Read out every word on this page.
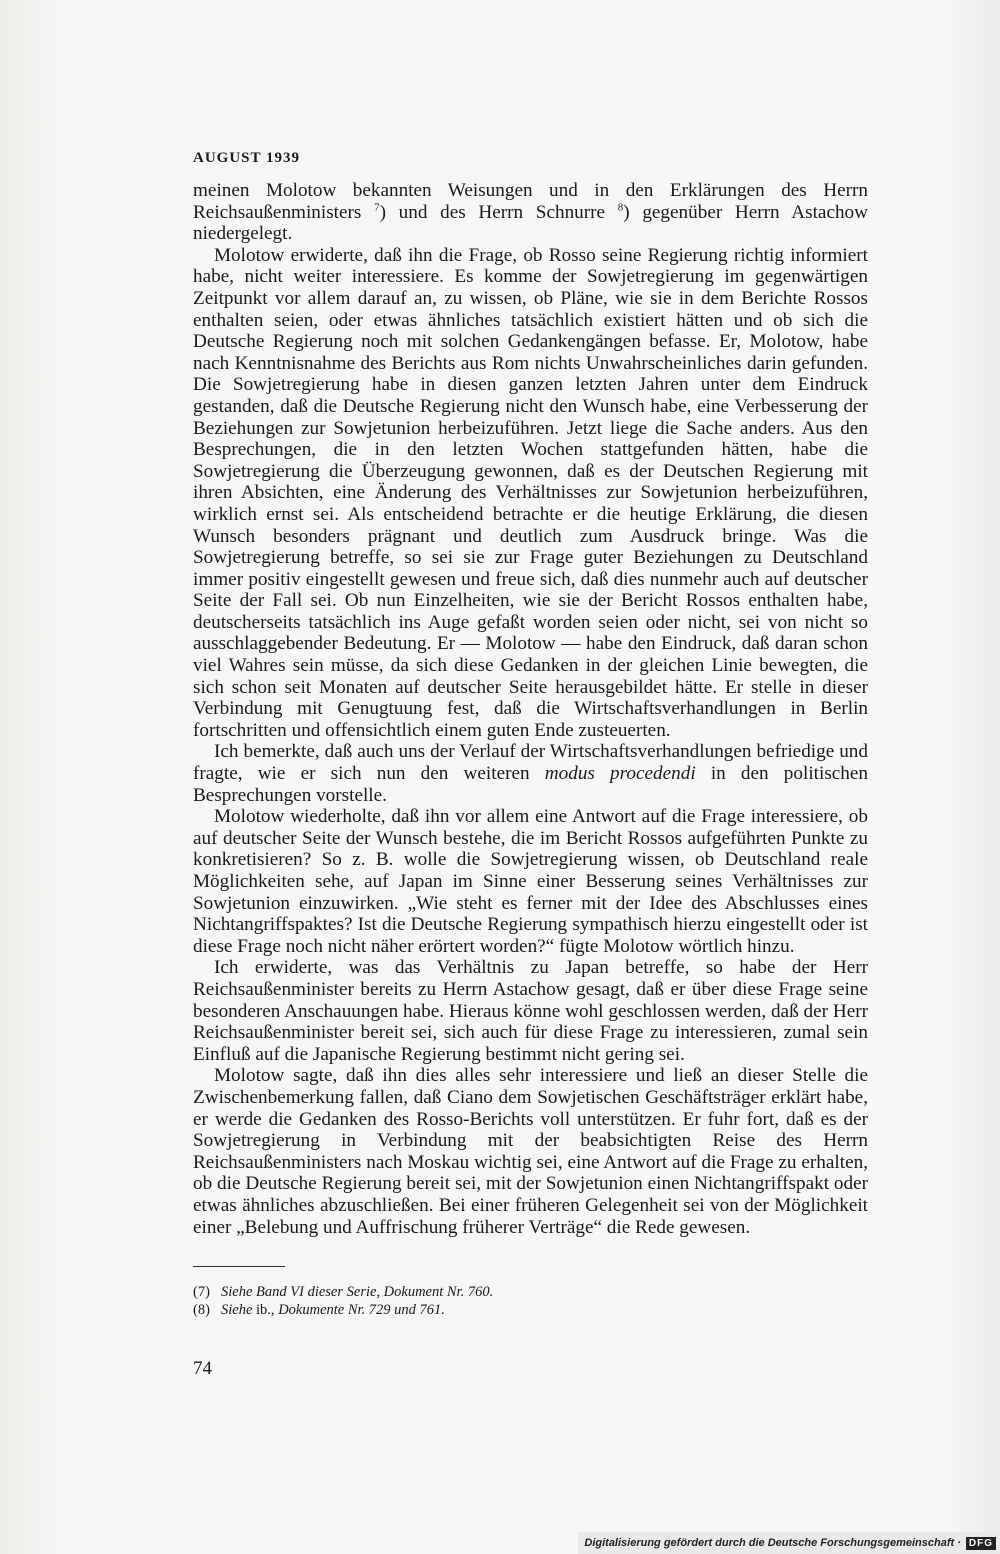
AUGUST 1939

meinen Molotow bekannten Weisungen und in den Erklärungen des Herrn Reichsaußenministers $^7$) und des Herrn Schnurre $^8$) gegenüber Herrn Astachow niedergelegt.

Molotow erwiderte, daß ihn die Frage, ob Rosso seine Regierung richtig informiert habe, nicht weiter interessiere. Es komme der Sowjetregierung im gegenwärtigen Zeitpunkt vor allem darauf an, zu wissen, ob Pläne, wie sie in dem Berichte Rossos enthalten seien, oder etwas ähnliches tatsächlich existiert hätten und ob sich die Deutsche Regierung noch mit solchen Gedankengängen befasse. Er, Molotow, habe nach Kenntnisnahme des Berichts aus Rom nichts Unwahrscheinliches darin gefunden. Die Sowjetregierung habe in diesen ganzen letzten Jahren unter dem Eindruck gestanden, daß die Deutsche Regierung nicht den Wunsch habe, eine Verbesserung der Beziehungen zur Sowjetunion herbeizuführen. Jetzt liege die Sache anders. Aus den Besprechungen, die in den letzten Wochen stattgefunden hätten, habe die Sowjetregierung die Überzeugung gewonnen, daß es der Deutschen Regierung mit ihren Absichten, eine Änderung des Verhältnisses zur Sowjetunion herbeizuführen, wirklich ernst sei. Als entscheidend betrachte er die heutige Erklärung, die diesen Wunsch besonders prägnant und deutlich zum Ausdruck bringe. Was die Sowjetregierung betreffe, so sei sie zur Frage guter Beziehungen zu Deutschland immer positiv eingestellt gewesen und freue sich, daß dies nunmehr auch auf deutscher Seite der Fall sei. Ob nun Einzelheiten, wie sie der Bericht Rossos enthalten habe, deutscherseits tatsächlich ins Auge gefaßt worden seien oder nicht, sei von nicht so ausschlaggebender Bedeutung. Er — Molotow — habe den Eindruck, daß daran schon viel Wahres sein müsse, da sich diese Gedanken in der gleichen Linie bewegten, die sich schon seit Monaten auf deutscher Seite herausgebildet hätte. Er stelle in dieser Verbindung mit Genugtuung fest, daß die Wirtschaftsverhandlungen in Berlin fortschritten und offensichtlich einem guten Ende zusteuerten.

Ich bemerkte, daß auch uns der Verlauf der Wirtschaftsverhandlungen befriedige und fragte, wie er sich nun den weiteren modus procedendi in den politischen Besprechungen vorstelle.

Molotow wiederholte, daß ihn vor allem eine Antwort auf die Frage interessiere, ob auf deutscher Seite der Wunsch bestehe, die im Bericht Rossos aufgeführten Punkte zu konkretisieren? So z. B. wolle die Sowjetregierung wissen, ob Deutschland reale Möglichkeiten sehe, auf Japan im Sinne einer Besserung seines Verhältnisses zur Sowjetunion einzuwirken. „Wie steht es ferner mit der Idee des Abschlusses eines Nichtangriffspaktes? Ist die Deutsche Regierung sympathisch hierzu eingestellt oder ist diese Frage noch nicht näher erörtert worden?“ fügte Molotow wörtlich hinzu.

Ich erwiderte, was das Verhältnis zu Japan betreffe, so habe der Herr Reichsaußenminister bereits zu Herrn Astachow gesagt, daß er über diese Frage seine besonderen Anschauungen habe. Hieraus könne wohl geschlossen werden, daß der Herr Reichsaußenminister bereit sei, sich auch für diese Frage zu interessieren, zumal sein Einfluß auf die Japanische Regierung bestimmt nicht gering sei.

Molotow sagte, daß ihn dies alles sehr interessiere und ließ an dieser Stelle die Zwischenbemerkung fallen, daß Ciano dem Sowjetischen Geschäftsträger erklärt habe, er werde die Gedanken des Rosso-Berichts voll unterstützen. Er fuhr fort, daß es der Sowjetregierung in Verbindung mit der beabsichtigten Reise des Herrn Reichsaußenministers nach Moskau wichtig sei, eine Antwort auf die Frage zu erhalten, ob die Deutsche Regierung bereit sei, mit der Sowjetunion einen Nichtangriffspakt oder etwas ähnliches abzuschließen. Bei einer früheren Gelegenheit sei von der Möglichkeit einer „Belebung und Auffrischung früherer Verträge“ die Rede gewesen.

(7) Siehe Band VI dieser Serie, Dokument Nr. 760.
(8) Siehe ib., Dokumente Nr. 729 und 761.
74
Digitalisierung gefördert durch die Deutsche Forschungsgemeinschaft · DFG
